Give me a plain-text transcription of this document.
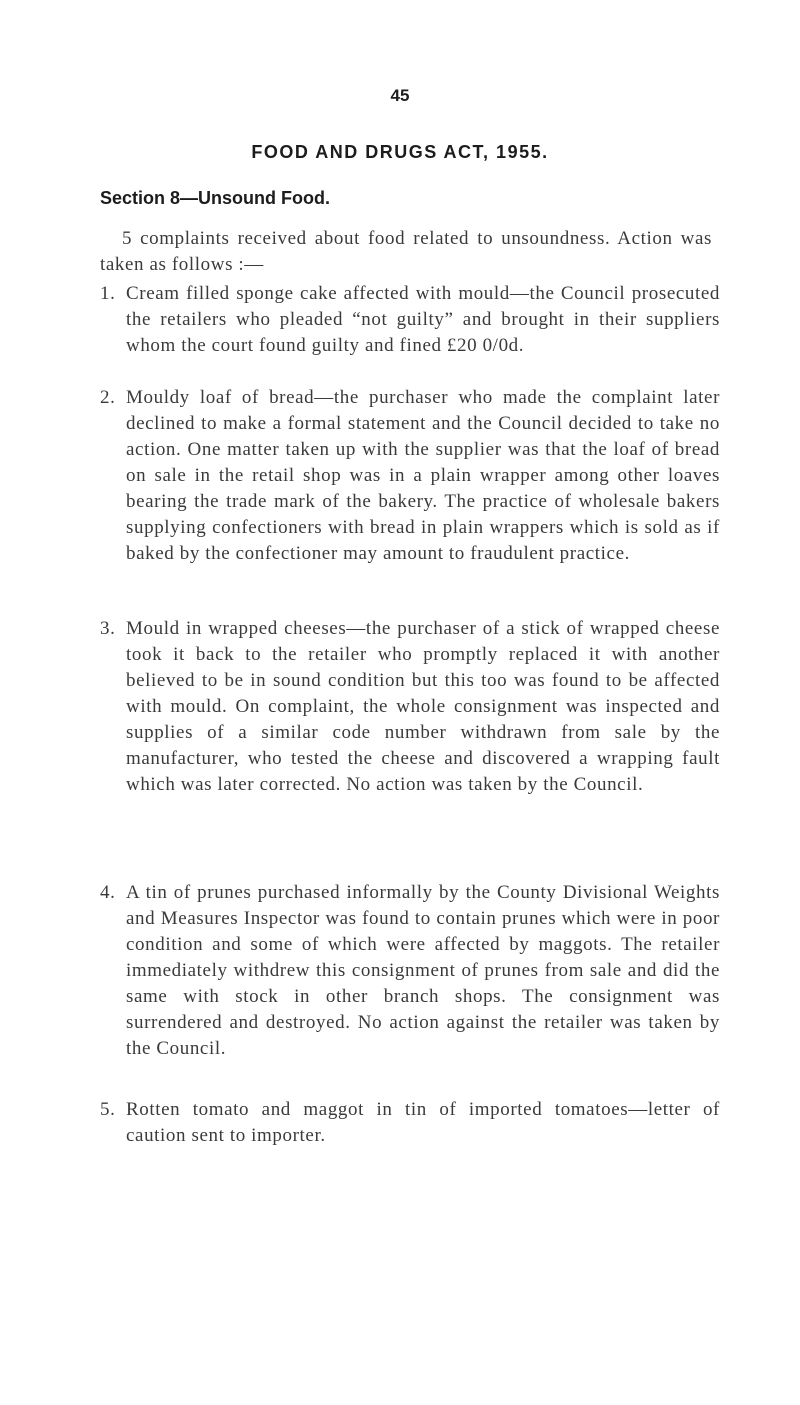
45
FOOD AND DRUGS ACT, 1955.
Section 8—Unsound Food.

5 complaints received about food related to unsoundness. Action was taken as follows :—

1. Cream filled sponge cake affected with mould—the Council prosecuted the retailers who pleaded “not guilty” and brought in their suppliers whom the court found guilty and fined £20 0/0d.
2. Mouldy loaf of bread—the purchaser who made the complaint later declined to make a formal statement and the Council decided to take no action. One matter taken up with the supplier was that the loaf of bread on sale in the retail shop was in a plain wrapper among other loaves bearing the trade mark of the bakery. The practice of wholesale bakers supplying confectioners with bread in plain wrappers which is sold as if baked by the confectioner may amount to fraudulent practice.
3. Mould in wrapped cheeses—the purchaser of a stick of wrapped cheese took it back to the retailer who promptly replaced it with another believed to be in sound condition but this too was found to be affected with mould. On complaint, the whole consignment was inspected and supplies of a similar code number withdrawn from sale by the manufacturer, who tested the cheese and discovered a wrapping fault which was later corrected. No action was taken by the Council.
4. A tin of prunes purchased informally by the County Divisional Weights and Measures Inspector was found to contain prunes which were in poor condition and some of which were affected by maggots. The retailer immediately withdrew this consignment of prunes from sale and did the same with stock in other branch shops. The consignment was surrendered and destroyed. No action against the retailer was taken by the Council.
5. Rotten tomato and maggot in tin of imported tomatoes—letter of caution sent to importer.
